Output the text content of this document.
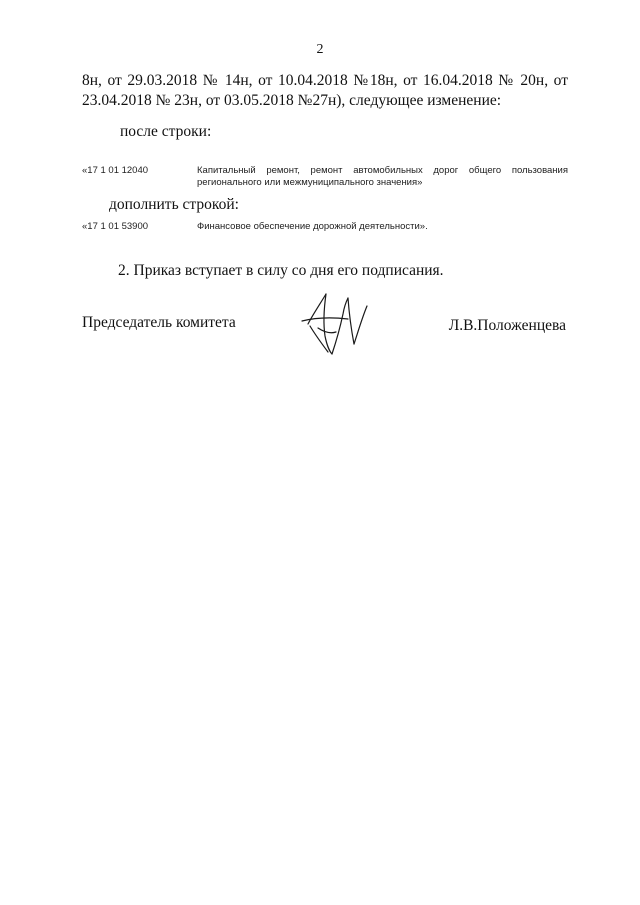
2

8н, от 29.03.2018 № 14н, от 10.04.2018 №18н, от 16.04.2018 № 20н, от
23.04.2018 № 23н, от 03.05.2018 №27н), следующее изменение:

после строки:
«17 1 01 12040	Капитальный ремонт, ремонт автомобильных дорог общего пользования
регионального или межмуниципального значения»
дополнить строкой:
«17 1 01 53900	Финансовое обеспечение дорожной деятельности».
2. Приказ вступает в силу со дня его подписания.
Председатель комитета	Л.В.Положенцева
